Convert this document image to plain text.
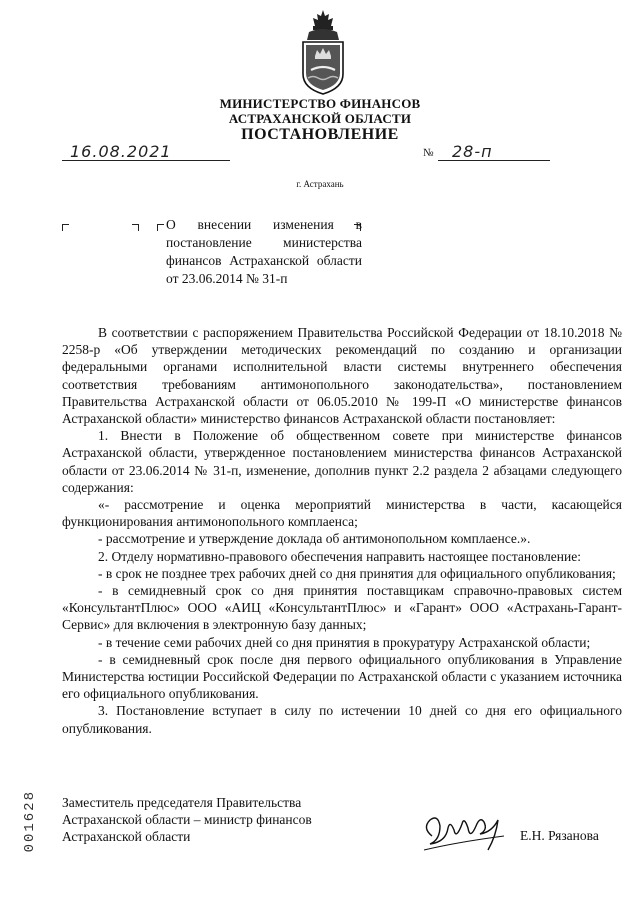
МИНИСТЕРСТВО ФИНАНСОВ
АСТРАХАНСКОЙ ОБЛАСТИ
ПОСТАНОВЛЕНИЕ
16.08.2021	№ 28-п
г. Астрахань
О внесении изменения в постановление министерства финансов Астраханской области от 23.06.2014 № 31-п

В соответствии с распоряжением Правительства Российской Федерации от 18.10.2018 № 2258-р «Об утверждении методических рекомендаций по созданию и организации федеральными органами исполнительной власти системы внутреннего обеспечения соответствия требованиям антимонопольного законодательства», постановлением Правительства Астраханской области от 06.05.2010 № 199-П «О министерстве финансов Астраханской области» министерство финансов Астраханской области постановляет:

1. Внести в Положение об общественном совете при министерстве финансов Астраханской области, утвержденное постановлением министерства финансов Астраханской области от 23.06.2014 № 31-п, изменение, дополнив пункт 2.2 раздела 2 абзацами следующего содержания:

«- рассмотрение и оценка мероприятий министерства в части, касающейся функционирования антимонопольного комплаенса;

- рассмотрение и утверждение доклада об антимонопольном комплаенсе.».

2. Отделу нормативно-правового обеспечения направить настоящее постановление:

- в срок не позднее трех рабочих дней со дня принятия для официального опубликования;

- в семидневный срок со дня принятия поставщикам справочно-правовых систем «КонсультантПлюс» ООО «АИЦ «КонсультантПлюс» и «Гарант» ООО «Астрахань-Гарант-Сервис» для включения в электронную базу данных;

- в течение семи рабочих дней со дня принятия в прокуратуру Астраханской области;

- в семидневный срок после дня первого официального опубликования в Управление Министерства юстиции Российской Федерации по Астраханской области с указанием источника его официального опубликования.

3. Постановление вступает в силу по истечении 10 дней со дня его официального опубликования.

Заместитель председателя Правительства
Астраханской области – министр финансов
Астраханской области	Е.Н. Рязанова
001628
